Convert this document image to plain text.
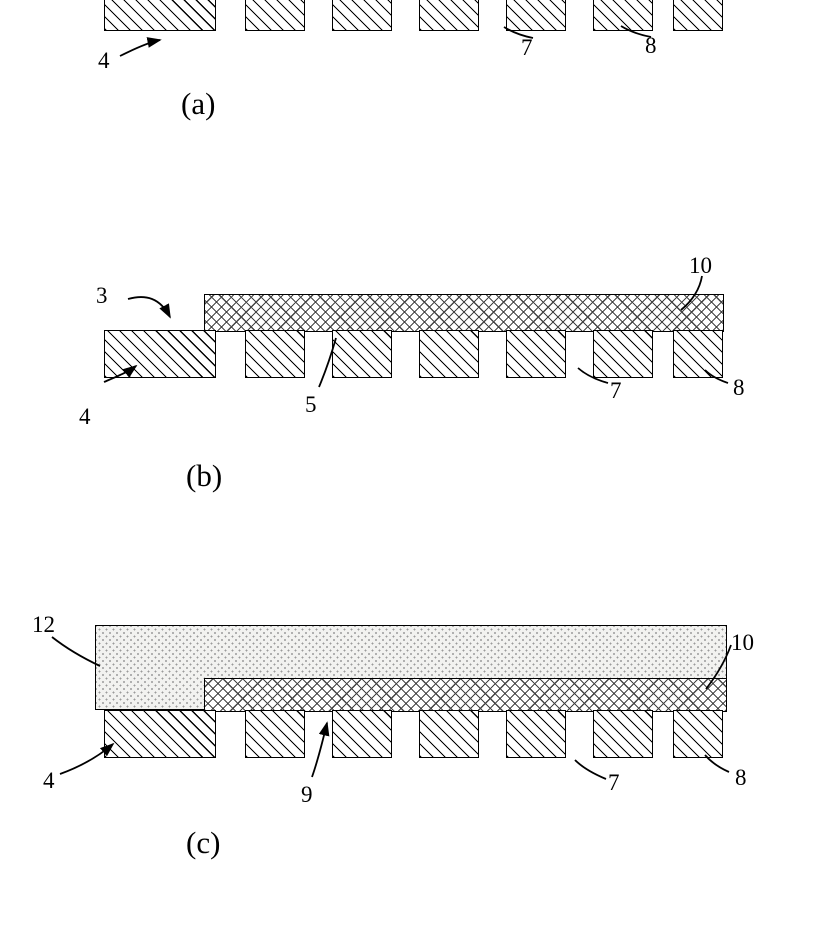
4
7	8
(a)
3
10
4	5
7	8
(b)
12
10
4
9	7	8
(c)
